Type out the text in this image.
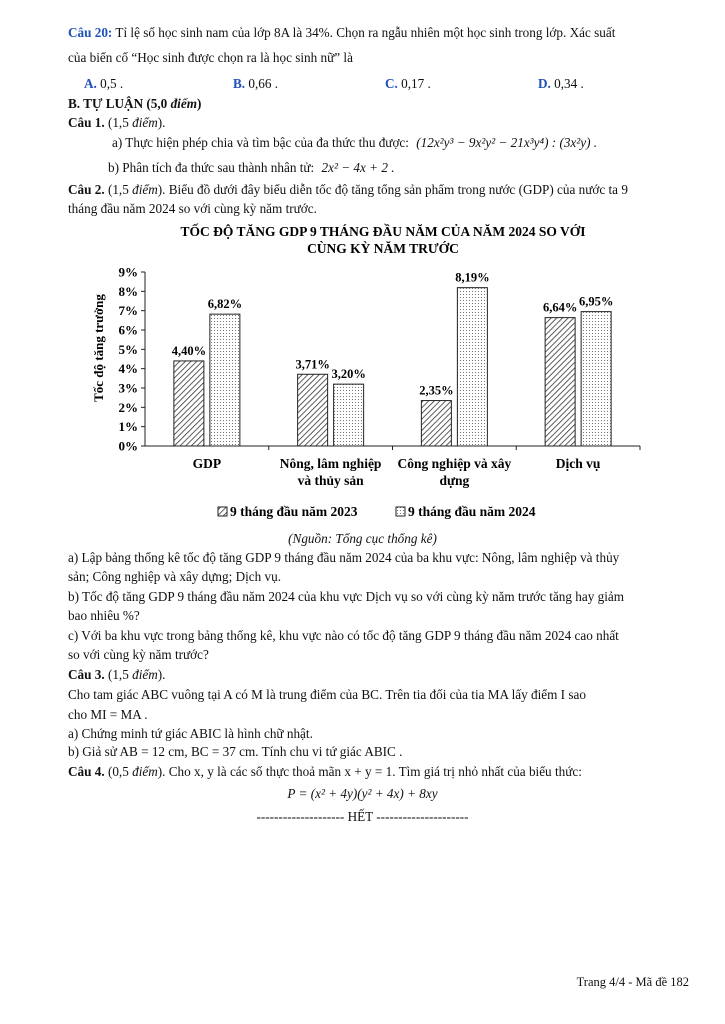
Câu 20: Tỉ lệ số học sinh nam của lớp 8A là 34%. Chọn ra ngẫu nhiên một học sinh trong lớp. Xác suất
của biến cố “Học sinh được chọn ra là học sinh nữ” là
A. 0,5 .	B. 0,66 .	C. 0,17 .	D. 0,34 .
B. TỰ LUẬN (5,0 điểm)
Câu 1. (1,5 điểm).
a) Thực hiện phép chia và tìm bậc của đa thức thu được: (12x²y³ − 9x²y² − 21x³y⁴) : (3x²y) .
b) Phân tích đa thức sau thành nhân tử: 2x² − 4x + 2 .
Câu 2. (1,5 điểm). Biểu đồ dưới đây biểu diễn tốc độ tăng tổng sản phẩm trong nước (GDP) của nước ta 9
tháng đầu năm 2024 so với cùng kỳ năm trước.
TỐC ĐỘ TĂNG GDP 9 THÁNG ĐẦU NĂM CỦA NĂM 2024 SO VỚI
CÙNG KỲ NĂM TRƯỚC
Tốc độ tăng trưởng
0%
1%
2%
3%
4%
5%
6%
7%
8%
9%
4,40%
6,82%
GDP
3,71%
3,20%
Nông, lâm nghiệp
và thủy sản
2,35%
8,19%
Công nghiệp và xây
dựng
6,64% 6,95%
Dịch vụ
9 tháng đầu năm 2023	9 tháng đầu năm 2024
(Nguồn: Tổng cục thống kê)
a) Lập bảng thống kê tốc độ tăng GDP 9 tháng đầu năm 2024 của ba khu vực: Nông, lâm nghiệp và thủy
sản; Công nghiệp và xây dựng; Dịch vụ.
b) Tốc độ tăng GDP 9 tháng đầu năm 2024 của khu vực Dịch vụ so với cùng kỳ năm trước tăng hay giảm
bao nhiêu %?
c) Với ba khu vực trong bảng thống kê, khu vực nào có tốc độ tăng GDP 9 tháng đầu năm 2024 cao nhất
so với cùng kỳ năm trước?
Câu 3. (1,5 điểm).
Cho tam giác ABC vuông tại A có M là trung điểm của BC. Trên tia đối của tia MA lấy điểm I sao
cho MI = MA .
a) Chứng minh tứ giác ABIC là hình chữ nhật.
b) Giả sử AB = 12 cm, BC = 37 cm. Tính chu vi tứ giác ABIC .
Câu 4. (0,5 điểm). Cho x, y là các số thực thoả mãn x + y = 1. Tìm giá trị nhỏ nhất của biểu thức:
P = (x² + 4y)(y² + 4x) + 8xy
-------------------- HẾT ---------------------
Trang 4/4 - Mã đề 182
